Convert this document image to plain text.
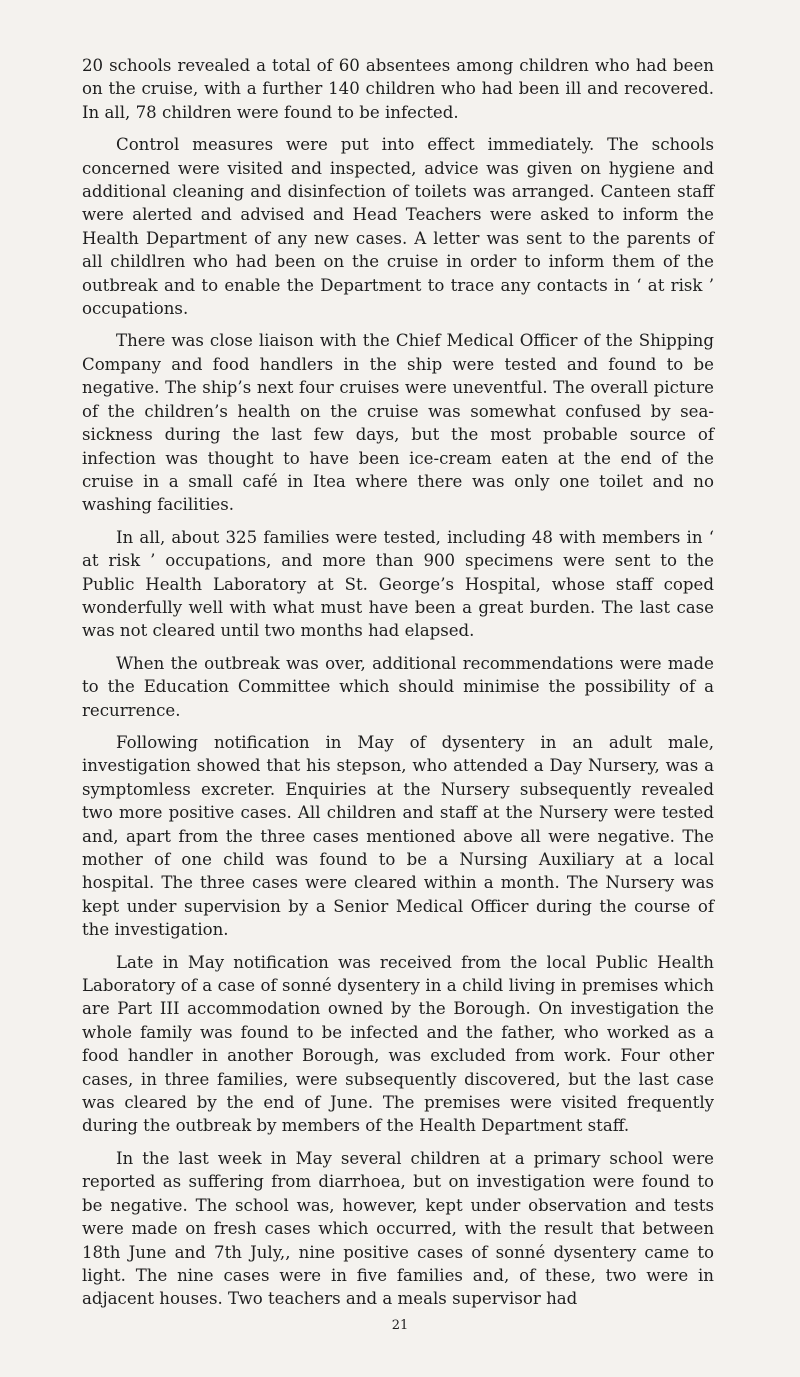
20 schools revealed a total of 60 absentees among children who had been on the cruise, with a further 140 children who had been ill and recovered. In all, 78 children were found to be infected.

Control measures were put into effect immediately. The schools concerned were visited and inspected, advice was given on hygiene and additional cleaning and disinfection of toilets was arranged. Canteen staff were alerted and advised and Head Teachers were asked to inform the Health Department of any new cases. A letter was sent to the parents of all childlren who had been on the cruise in order to inform them of the outbreak and to enable the Department to trace any contacts in ‘ at risk ’ occupations.

There was close liaison with the Chief Medical Officer of the Shipping Company and food handlers in the ship were tested and found to be negative. The ship’s next four cruises were uneventful. The overall picture of the children’s health on the cruise was somewhat confused by sea-sickness during the last few days, but the most probable source of infection was thought to have been ice-cream eaten at the end of the cruise in a small café in Itea where there was only one toilet and no washing facilities.

In all, about 325 families were tested, including 48 with members in ‘ at risk ’ occupations, and more than 900 specimens were sent to the Public Health Laboratory at St. George’s Hospital, whose staff coped wonderfully well with what must have been a great burden. The last case was not cleared until two months had elapsed.

When the outbreak was over, additional recommendations were made to the Education Committee which should minimise the possibility of a recurrence.

Following notification in May of dysentery in an adult male, investigation showed that his stepson, who attended a Day Nursery, was a symptomless excreter. Enquiries at the Nursery subsequently revealed two more positive cases. All children and staff at the Nursery were tested and, apart from the three cases mentioned above all were negative. The mother of one child was found to be a Nursing Auxiliary at a local hospital. The three cases were cleared within a month. The Nursery was kept under supervision by a Senior Medical Officer during the course of the investigation.

Late in May notification was received from the local Public Health Laboratory of a case of sonné dysentery in a child living in premises which are Part III accommodation owned by the Borough. On investigation the whole family was found to be infected and the father, who worked as a food handler in another Borough, was excluded from work. Four other cases, in three families, were subsequently discovered, but the last case was cleared by the end of June. The premises were visited frequently during the outbreak by members of the Health Department staff.

In the last week in May several children at a primary school were reported as suffering from diarrhoea, but on investigation were found to be negative. The school was, however, kept under observation and tests were made on fresh cases which occurred, with the result that between 18th June and 7th July,, nine positive cases of sonné dysentery came to light. The nine cases were in five families and, of these, two were in adjacent houses. Two teachers and a meals supervisor had

21
